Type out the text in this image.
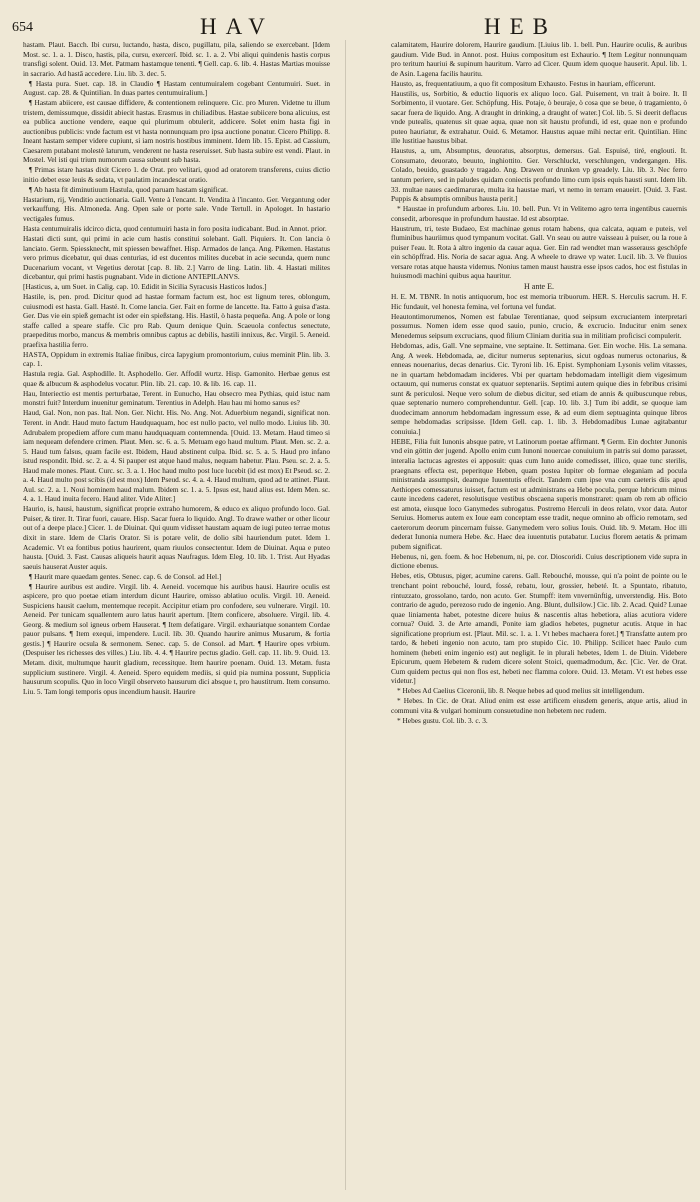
654	HAV	HEB

hastam. Plaut. Bacch. Ibi cursu, luctando, hasta, disco, pugillatu, pila, saliendo se exercebant. [Idem Most. sc. 1. a. 1. Disco, hastis, pila, cursu, exercerí. Ibid. sc. 1. a. 2. Vbi aliqui quindenis hastis corpus transfigi solent. Ouid. 13. Met. Patmam hastamque tenenti. ¶ Gell. cap. 6. lib. 4. Hastas Martias mouisse in sacrario. Ad hastā accedere. Liu. lib. 3. dec. 5.

¶ Hasta pura. Suet. cap. 18. in Claudio ¶ Hastam centumuiralem cogebant Centumuiri. Suet. in August. cap. 28. & Quintilian. In duas partes centumuiralium.]

¶ Hastam abiicere, est causae diffidere, & contentionem relinquere. Cic. pro Muren. Videtne tu illum tristem, demissumque, dissidit abiecit hastas. Erasmus in chiliadibus. Hastae subiicere bona alicuius, est ea publica auctione vendere, eaque qui plurimum obtulerit, addicere. Solet enim hasta figi in auctionibus publicis: vnde factum est vt hasta nonnunquam pro ipsa auctione ponatur. Cicero Philipp. 8. Ineant hastam semper videre cupiunt, si iam nostris hostibus imminent. Idem lib. 15. Epist. ad Cassium, Caesarem putabant molestè laturum, venderent ne hasta reseruisset. Sub hasta subire est vendi. Plaut. in Mostel. Vel isti qui trium numorum causa subeunt sub hasta.

¶ Primas istare hastas dixit Cicero 1. de Orat. pro velitari, quod ad oratorem transferens, cuius dictio initio debet esse leuis & sedata, vt paulatim incandescat oratio.

¶ Ab hasta fit diminutiuum Hastula, quod paruam hastam significat.

Hastarium, rij, Venditio auctionaria. Gall. Vente à l'encant. It. Vendita à l'incanto. Ger. Vergantung oder verkauffung. His. Almoneda. Ang. Open sale or porte sale. Vnde Tertull. in Apologet. In hastario vectigales fumus.

Hasta centumuiralis idcirco dicta, quod centumuiri hasta in foro posita iudicabant. Bud. in Annot. prior.

Hastati dicti sunt, qui primi in acie cum hastis constitui solebant. Gall. Piquiers. It. Con lancia ò lanciato. Germ. Spiessknecht, mit spiessen bewaffnet. Hisp. Armados de lança. Ang. Pikemen. Hastatus vero primus dicebatur, qui duas centurias, id est ducentos milites ducebat in acie secunda, quem nunc Ducenarium vocant, vt Vegetius derotat [cap. 8. lib. 2.] Varro de ling. Latin. lib. 4. Hastati milites dicebantur, qui primi hastis pugnabant. Vide in dictione ANTEPILANVS.

[Hasticus, a, um Suet. in Calig. cap. 10. Edidit in Sicilia Syracusis Hasticos ludos.]

Hastile, is, pen. prod. Dicitur quod ad hastae formam factum est, hoc est lignum teres, oblongum, cuiusmodi est hasta. Gall. Hasté. It. Come lancia. Ger. Fait en forme de lancette. Ita. Fatto à guisa d'asta. Ger. Das vie ein spieß gemacht ist oder ein spießstang. His. Hastil, ò hasta pequeña. Ang. A pole or long staffe called a speare staffe. Cic pro Rab. Quum denique Quin. Scaeuola confectus senectute, praepeditus morbo, mancus & membris omnibus captus ac debilis, hastili innixus, &c. Virgil. 5. Aeneid. praefixa hastilia ferro.

HASTA, Oppidum in extremis Italiae finibus, circa Iapygium promontorium, cuius meminit Plin. lib. 3. cap. 1.

Hastula regia. Gal. Asphodille. It. Asphodello. Ger. Affodil wurtz. Hisp. Gamonito. Herbae genus est quae & albucum & asphodelus vocatur. Plin. lib. 21. cap. 10. & lib. 16. cap. 11.

Hau, Interiectio est mentis perturbatae, Terent. in Eunucho, Hau obsecro mea Pythias, quid istuc nam monstri fuit? Interdum inuenitur geminatum. Terentius in Adelph. Hau hau mi homo sanus es?

Haud, Gal. Non, non pas. Ital. Non. Ger. Nicht. His. No. Ang. Not. Aduerbium negandi, significat non. Terent. in Andr. Haud muto factum Haudquaquam, hoc est nullo pacto, vel nullo modo. Liuius lib. 30. Adrubalem propediem affore cum manu haudquaquam contemnenda. [Ouid. 13. Metam. Haud timeo si iam nequeam defendere crimen. Plaut. Men. sc. 6. a. 5. Metuam ego haud multum. Plaut. Men. sc. 2. a. 5. Haud tum falsus, quam facile est. Ibidem, Haud abstinent culpa. Ibid. sc. 5. a. 5. Haud pro infano istud respondit. Ibid. sc. 2. a. 4. Si pauper est atque haud malus, nequam habetur. Plau. Pseu. sc. 2. a. 5. Haud male mones. Plaut. Curc. sc. 3. a. 1. Hoc haud multo post luce lucebit (id est mox) Et Pseud. sc. 2. a. 4. Haud multo post scibis (id est mox) Idem Pseud. sc. 4. a. 4. Haud multum, quod ad te attinet. Plaut. Aul. sc. 2. a. 1. Noui hominem haud malum. Ibidem sc. 1. a. 5. Ipsus est, haud alius est. Idem Men. sc. 4. a. 1. Haud inuita fecero. Haud aliter. Vide Aliter.]

Haurio, is, hausi, haustum, significat proprie extraho humorem, & educo ex aliquo profundo loco. Gal. Puiser, & tirer. It. Tirar fuori, cauare. Hisp. Sacar fuera lo liquido. Angl. To drawe wather or other licour out of a deepe place.] Cicer. 1. de Diuinat. Qui quum vidisset haustam aquam de iugi puteo terrae motus dixit in stare. Idem de Claris Orator. Si is potare velit, de dolio sibi hauriendum putet. Idem 1. Academic. Vt ea fontibus potius haurirent, quam riuulos consectentur. Idem de Diuinat. Aqua e puteo hausta. [Ouid. 3. Fast. Causas aliqueis haurit aquas Naufragus. Idem Eleg. 10. lib. 1. Trist. Aut Hyadas saeuis hauserat Auster aquis.

¶ Haurit mare quaedam gentes. Senec. cap. 6. de Consol. ad Hel.]

¶ Haurire auribus est audire. Virgil. lib. 4. Aeneid. vocemque his auribus hausi. Haurire oculis est aspicere, pro quo poetae etiam interdum dicunt Haurire, omisso ablatiuo oculis. Virgil. 10. Aeneid. Suspiciens hausit caelum, mentemque recepit. Accipitur etiam pro confodere, seu vulnerare. Virgil. 10. Aeneid. Per tunicam squallentem auro latus haurit apertum. [Item conficere, absoluere. Virgil. lib. 4. Georg. & medium sol igneus orbem Hauserat. ¶ Item defatigare. Virgil. exhauriatque sonantem Cordae pauor pulsans. ¶ Item exequi, impendere. Lucil. lib. 30. Quando haurire animus Musarum, & fortia gestis.] ¶ Haurire ocsula & sermonem. Senec. cap. 5. de Consol. ad Mart. ¶ Haurire opes vrbium. (Despuiser les richesses des villes.) Liu. lib. 4. 4. ¶ Haurire pectus gladio. Gell. cap. 11. lib. 9. Ouid. 13. Metam. dixit, multumque haurit gladium, recessitque. Item haurire poenam. Ouid. 13. Metam. fusta supplicium sustinere. Virgil. 4. Aeneid. Spero equidem mediis, si quid pia numina possunt, Supplicia hausurum scopulis. Quo in loco Virgil observeto hausurum dici absque t, pro haustitrum. Item consumo. Liu. 5. Tam longi temporis opus incendium hausit. Haurire

calamitatem, Haurire dolorem, Haurire gaudium. [Liuius lib. 1. bell. Pun. Haurire oculis, & auribus gaudium. Vide Bud. in Annot. post. Huius compositum est Exhaurio. ¶ Item Legitur nonnunquam pro teritum hauriui & supinum hauritum. Varro ad Cicer. Quum idem quoque hauserit. Apul. lib. 1. de Asin. Lagena facilis hauritu.

Hausto, as, frequentatiuum, a quo fit compositum Exhausto. Festus in hauriam, efficerunt.

Haustilis, us, Sorbitio, & eductio liquoris ex aliquo loco. Gal. Puisement, vn trait à boire. It. Il Sorbimento, il vuotare. Ger. Schöpfung. His. Potaje, ò beuraje, ò cosa que se beue, ò tragamiento, ò sacar fuera de liquido. Ang. A draught in drinking, a draught of water.] Col. lib. 5. Si deerit deflacus vnde putealis, quatenus sit quae aqua, quae non sit haustu profundi, id est, quae non e profundo puteo hauriatur, & extrahatur. Ouid. 6. Metamor. Haustus aquae mihi nectar erit. Quintilian. Hinc ille lustitiae haustus bibat.

Haustus, a, um, Absumptus, deuoratus, absorptus, demersus. Gal. Espuisé, tiré, englouti. It. Consumato, deuorato, beuuto, inghiottito. Ger. Verschluckt, verschlungen, vndergangen. His. Colado, beuido, guastado y tragado. Ang. Drawen or drunken vp greadely. Liu. lib. 3. Nec ferro tantum periere, sed in paludes quidam coniectis profundo limo cum ipsis equis hausti sunt. Idem lib. 33. multae naues caedimarurae, multa ita haustae mari, vt nemo in terram enaueirt. [Ouid. 3. Fast. Puppis & absumptis omnibus hausta perit.]

* Haustae in profundum arbores. Liu. 10. bell. Pun. Vt in Velitemo agro terra ingentibus cauernis consedit, arboresque in profundum haustae. Id est absorptae.

Haustrum, tri, teste Budaeo, Est machinae genus rotam habens, qua calcata, aquam e puteis, vel fluminibus hauriimus quod tympanum vocitat. Gall. Vn seau ou autre vaisseau à puiser, ou la roue à puiser l'eau. It. Rota à altro ingenio da cauar aqua. Ger. Ein rad wendtet man wasserauss geschöpfe ein schöpffrad. His. Noria de sacar agua. Ang. A wheele to drawe vp water. Lucil. lib. 3. Ve fluuios versare rotas atque hausta videmus. Nonius tamen maust haustra esse ipsos cados, hoc est fistulas in huiusmodi machini quibus aqua hauritur.

H ante E.

H. E. M. TBNR. In notis antiquorum, hoc est memoria tribuorum. HER. S. Herculis sacrum. H. F. Hic fundauit, vel honesta femina, vel fortuna vel fundat.

Heautontimorumenos, Nomen est fabulae Terentianae, quod seipsum excruciantem interpretari possumus. Nomen idem esse quod sauio, punio, crucio, & excrucio. Inducitur enim senex Menedemus seipsum excrucians, quod filium Cliniam duritia sua in militiam proficisci compulerit.

Hebdomas, adis, Gall. Vne sepmaine, vne septaine. It. Settimana. Ger. Ein woche. His. La semana. Ang. A week. Hebdomada, ae, dicitur numerus septenarius, sicut ogdoas numerus octonarius, & enneas nouenarius, decas denarius. Cic. Tyroni lib. 16. Epist. Symphoniam Lysonis velim vitasses, ne in quartam hebdomadam incideres. Vbi per quartam hebdomadam intelligit diem vigesimum octauum, qui numerus constat ex quatuor septenariis. Septimi autem quique dies in febribus crisimi sunt & periculosi. Neque vero solum de diebus dicitur, sed etiam de annis & quibuscunque rebus, quae septenario numero comprehenduntur. Gell. [cap. 10. lib. 3.] Tum ibi addit, se quoque iam duodecimam annorum hebdomadam ingressum esse, & ad eum diem septuaginta quinque libros sempe hebdomadas scripsisse. [Idem Gell. cap. 1. lib. 3. Hebdomadibus Lunae agitabantur conuiuia.]

HEBE, Filia fuit Iunonis absque patre, vt Latinorum poetae affirmant. ¶ Germ. Ein dochter Junonis vnd ein göttin der jugend. Apollo enim cum Iunoni nouercae conuiuium in patris sui domo parasset, interalia lactucas agrestes ei apposuit: quas cum Iuno auide comedisset, illico, quae tunc sterilis, praegnans effecta est, peperitque Heben, quam postea Iupiter ob formae eleganiam ad pocula ministranda assumpsit, deamque Iuuentutis effecit. Tandem cum ipse vna cum caeteris diis apud Aethiopes comessaturus iuisset, factum est ut administrans ea Hebe pocula, perque lubricum minus caute incedens caderet, resolutisque vestibus obscaena superis monstraret: quam ob rem ab officio est amota, eiusque loco Ganymedes subrogatus. Postremo Herculi in deos relato, vxor data. Autor Seruius. Homerus autem ex Ioue eam conceptam esse tradit, neque omnino ab officio remotam, sed caeterorum deorum pincernam fuisse. Ganymedem vero solius Iouis. Ouid. lib. 9. Metam. Hoc illi dederat Iunonia numera Hebe. &c. Haec dea iuuentutis putabatur. Lucius florem aetatis & primam pubem significat.

Hebenus, ni, gen. foem. & hoc Hebenum, ni, pe. cor. Dioscoridi. Cuius descriptionem vide supra in dictione ebenus.

Hebes, etis, Obtusus, piger, acumine carens. Gall. Rebouché, mousse, qui n'a point de pointe ou le trenchant point rebouché, lourd, fossé, rebatu, lour, grossier, hebeté. It. a Spuntato, ribatuto, rintuzzato, grossolano, tardo, non acuto. Ger. Stumpff: item vnvernünftig, unverstendig. His. Boto contrario de agudo, perezoso rudo de ingenio. Ang. Blunt, dullsilow.] Cic. lib. 2. Acad. Quid? Lunae quae liniamenta habet, potestne dicere huius & nascentis altas hebetiora, alias acutiora videre cornua? Ouid. 3. de Arte amandi, Ponite iam gladios hebetes, pugnetur acutis. Atque in hac significatione proprium est. [Plaut. Mil. sc. 1. a. 1. Vt hebes machaera foret.] ¶ Transfatte autem pro tardo, & hebeti ingenio non acuto, tam pro stupido Cic. 10. Philipp. Scilicet haec Paulo cum hominem (hebeti enim ingenio est) aut negligit. Ie in plurali hebetes, Idem 1. de Diuin. Videbere Epicurum, quem Hebetem & rudem dicere solent Stoici, quemadmodum, &c. [Cic. Ver. de Orat. Cum quidem pectus qui non flos est, hebeti nec flamma colore. Ouid. 13. Metam. Vt est hebes esse videtur.]

* Hebes Ad Caelius Ciceronii, lib. 8. Neque hebes ad quod melius sit intelligendum.

* Hebes. In Cic. de Orat. Aliud enim est esse artificem eiusdem generis, atque artis, aliud in communi vita & vulgari hominum consuetudine non hebetem nec rudem.

* Hebes gustu. Col. lib. 3. c. 3.
